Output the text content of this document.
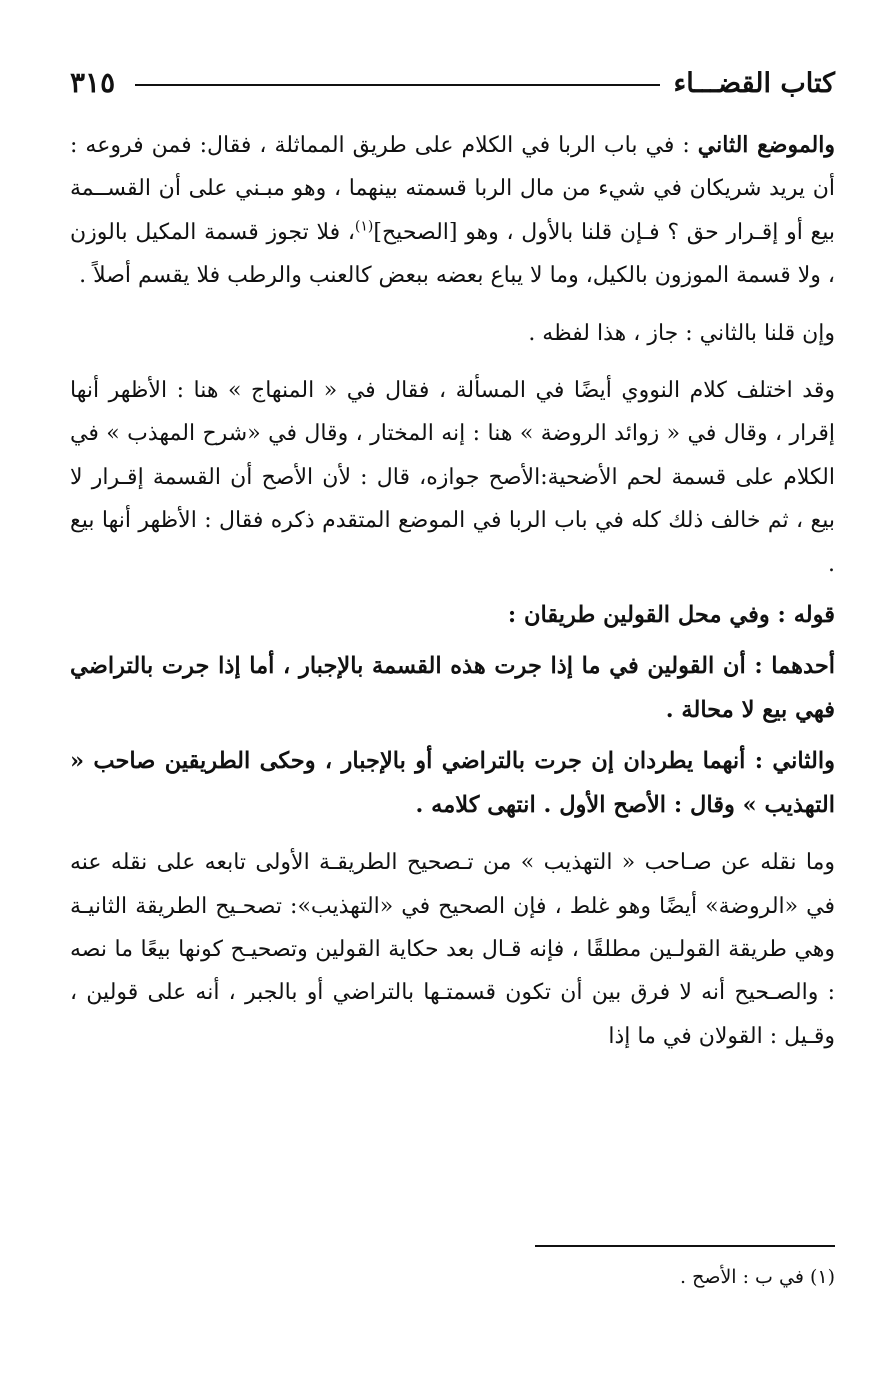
كتاب القضـــاء
٣١٥

والموضع الثاني : في باب الربا في الكلام على طريق المماثلة ، فقال: فمن فروعه : أن يريد شريكان في شيء من مال الربا قسمته بينهما ، وهو مبـني على أن القســمة بيع أو إقـرار حق ؟ فـإن قلنا بالأول ، وهو [الصحيح]$^{(١)}$، فلا تجوز قسمة المكيل بالوزن ، ولا قسمة الموزون بالكيل، وما لا يباع بعضه ببعض كالعنب والرطب فلا يقسم أصلاً .

وإن قلنا بالثاني : جاز ، هذا لفظه .

وقد اختلف كلام النووي أيضًا في المسألة ، فقال في « المنهاج » هنا : الأظهر أنها إقرار ، وقال في « زوائد الروضة » هنا : إنه المختار ، وقال في «شرح المهذب » في الكلام على قسمة لحم الأضحية:الأصح جوازه، قال : لأن الأصح أن القسمة إقـرار لا بيع ، ثم خالف ذلك كله في باب الربا في الموضع المتقدم ذكره فقال : الأظهر أنها بيع .

قوله : وفي محل القولين طريقان :

أحدهما : أن القولين في ما إذا جرت هذه القسمة بالإجبار ، أما إذا جرت بالتراضي فهي بيع لا محالة .

والثاني : أنهما يطردان إن جرت بالتراضي أو بالإجبار ، وحكى الطريقين صاحب « التهذيب » وقال : الأصح الأول . انتهى كلامه .

وما نقله عن صـاحب « التهذيب » من تـصحيح الطريقـة الأولى تابعه على نقله عنه في «الروضة» أيضًا وهو غلط ، فإن الصحيح في «التهذيب»: تصحـيح الطريقة الثانيـة وهي طريقة القولـين مطلقًا ، فإنه قـال بعد حكاية القولين وتصحيـح كونها بيعًا ما نصه : والصـحيح أنه لا فرق بين أن تكون قسمتـها بالتراضي أو بالجبر ، أنه على قولين ، وقـيل : القولان في ما إذا

(١) في ب : الأصح .
